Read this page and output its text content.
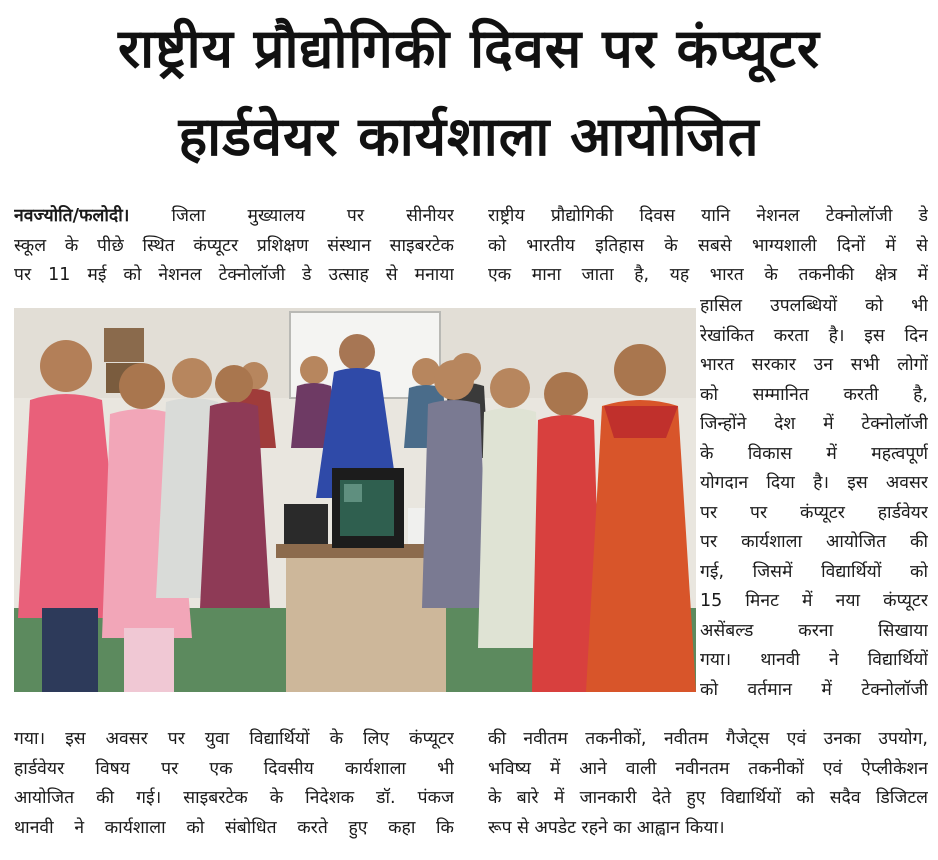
राष्ट्रीय प्रौद्योगिकी दिवस पर कंप्यूटर
हार्डवेयर कार्यशाला आयोजित
नवज्योति/फलोदी। जिला मुख्यालय पर सीनीयर
स्कूल के पीछे स्थित कंप्यूटर प्रशिक्षण संस्थान साइबरटेक
पर 11 मई को नेशनल टेक्नोलॉजी डे उत्साह से मनाया
राष्ट्रीय प्रौद्योगिकी दिवस यानि नेशनल टेक्नोलॉजी डे
को भारतीय इतिहास के सबसे भाग्यशाली दिनों में से
एक माना जाता है, यह भारत के तकनीकी क्षेत्र में
हासिल उपलब्धियों को भी
रेखांकित करता है। इस दिन
भारत सरकार उन सभी लोगों
को सम्मानित करती है,
जिन्होंने देश में टेक्नोलॉजी
के विकास में महत्वपूर्ण
योगदान दिया है। इस अवसर
पर पर कंप्यूटर हार्डवेयर
पर कार्यशाला आयोजित की
गई, जिसमें विद्यार्थियों को
15 मिनट में नया कंप्यूटर
असेंबल्ड करना सिखाया
गया। थानवी ने विद्यार्थियों
को वर्तमान में टेक्नोलॉजी
गया। इस अवसर पर युवा विद्यार्थियों के लिए कंप्यूटर
हार्डवेयर विषय पर एक दिवसीय कार्यशाला भी
आयोजित की गई। साइबरटेक के निदेशक डॉ. पंकज
थानवी ने कार्यशाला को संबोधित करते हुए कहा कि
की नवीतम तकनीकों, नवीतम गैजेट्स एवं उनका उपयोग,
भविष्य में आने वाली नवीनतम तकनीकों एवं ऐप्लीकेशन
के बारे में जानकारी देते हुए विद्यार्थियों को सदैव डिजिटल
रूप से अपडेट रहने का आह्वान किया।
